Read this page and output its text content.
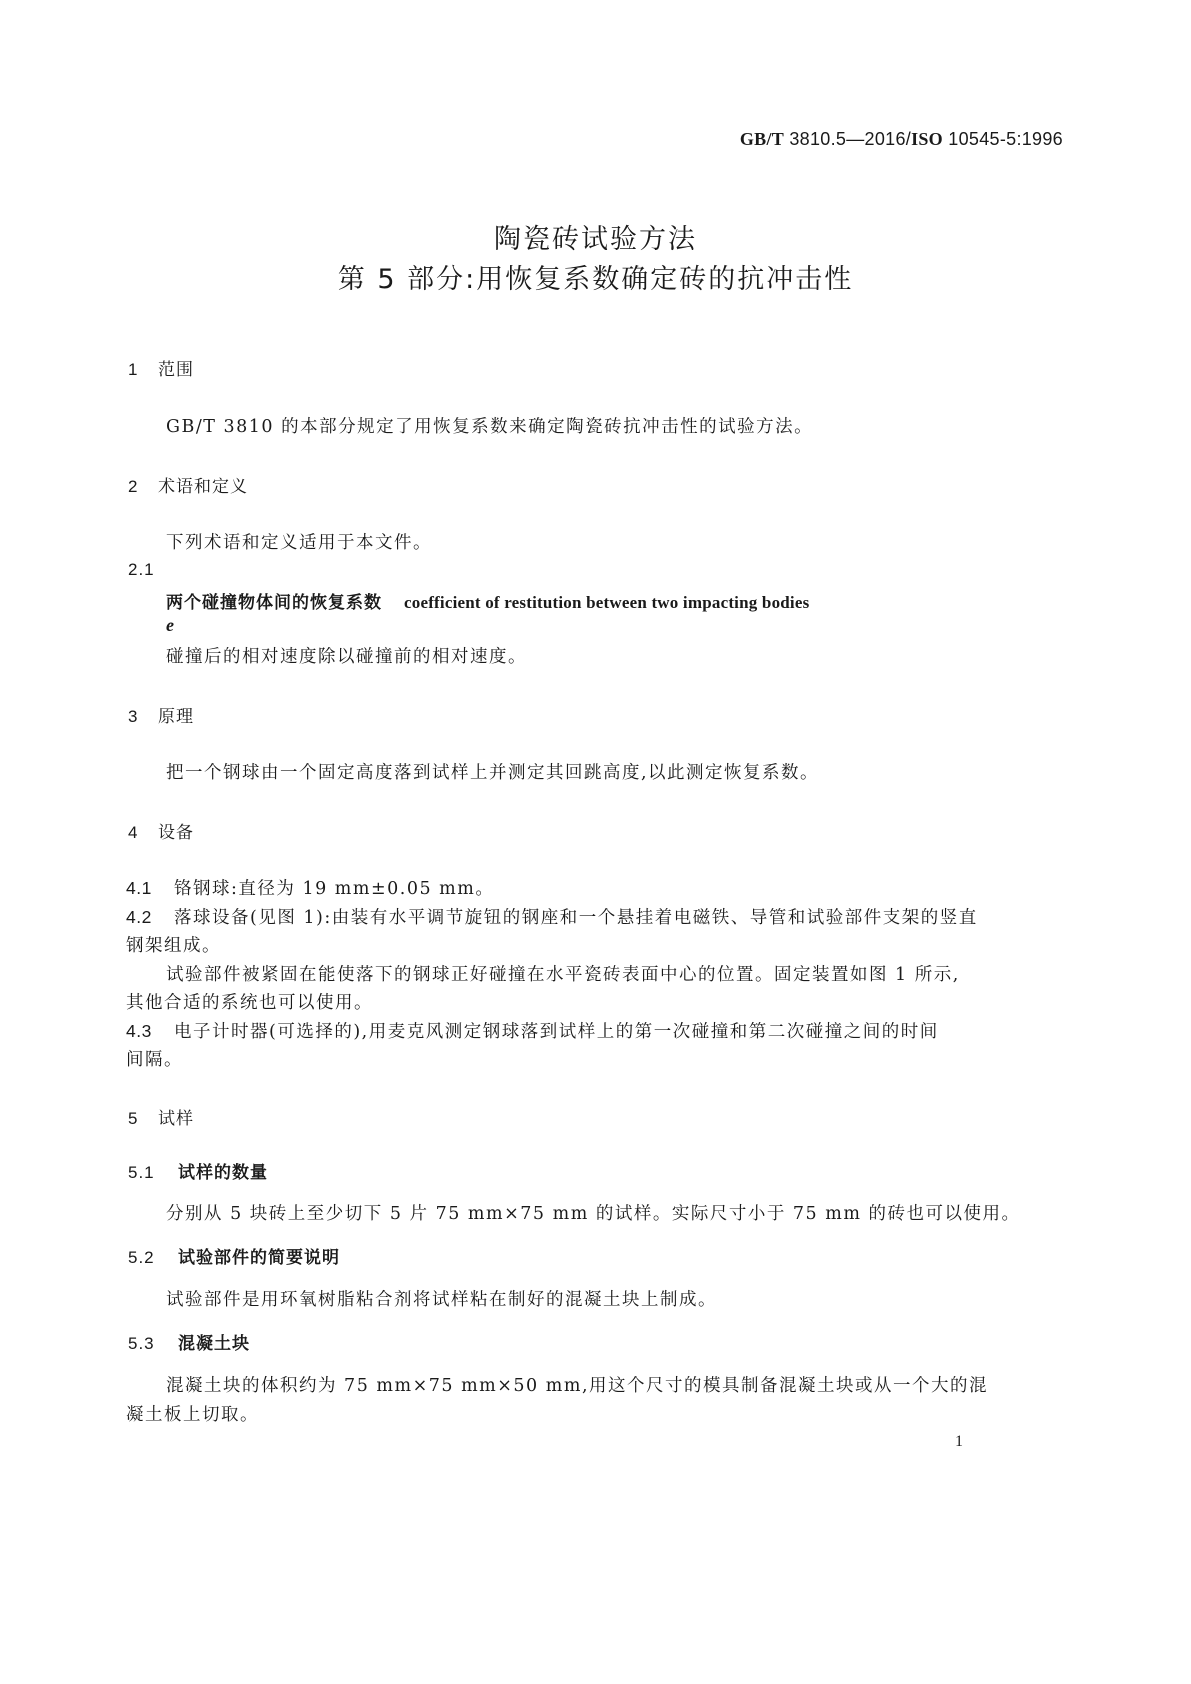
GB/T 3810.5—2016/ISO 10545-5:1996
陶瓷砖试验方法
第 5 部分:用恢复系数确定砖的抗冲击性
1 范围
GB/T 3810 的本部分规定了用恢复系数来确定陶瓷砖抗冲击性的试验方法。
2 术语和定义
下列术语和定义适用于本文件。
2.1
两个碰撞物体间的恢复系数 coefficient of restitution between two impacting bodies
e
碰撞后的相对速度除以碰撞前的相对速度。
3 原理
把一个钢球由一个固定高度落到试样上并测定其回跳高度,以此测定恢复系数。
4 设备
4.1 铬钢球:直径为 19 mm±0.05 mm。
4.2 落球设备(见图 1):由装有水平调节旋钮的钢座和一个悬挂着电磁铁、导管和试验部件支架的竖直
钢架组成。
试验部件被紧固在能使落下的钢球正好碰撞在水平瓷砖表面中心的位置。固定装置如图 1 所示,
其他合适的系统也可以使用。
4.3 电子计时器(可选择的),用麦克风测定钢球落到试样上的第一次碰撞和第二次碰撞之间的时间
间隔。
5 试样
5.1 试样的数量
分别从 5 块砖上至少切下 5 片 75 mm×75 mm 的试样。实际尺寸小于 75 mm 的砖也可以使用。
5.2 试验部件的简要说明
试验部件是用环氧树脂粘合剂将试样粘在制好的混凝土块上制成。
5.3 混凝土块
混凝土块的体积约为 75 mm×75 mm×50 mm,用这个尺寸的模具制备混凝土块或从一个大的混
凝土板上切取。
1
